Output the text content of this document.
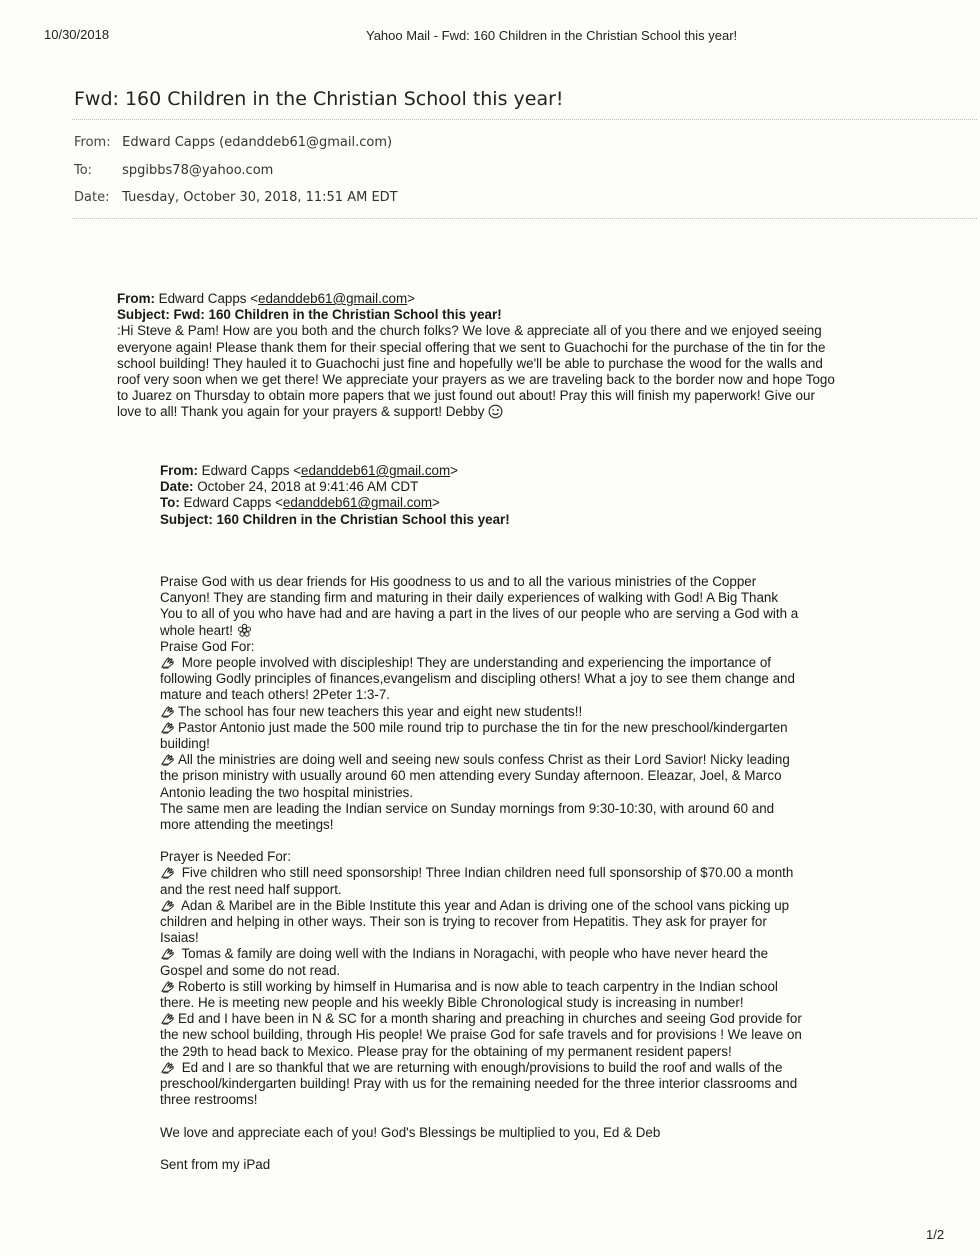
10/30/2018	Yahoo Mail - Fwd: 160 Children in the Christian School this year!
Fwd: 160 Children in the Christian School this year!
From: Edward Capps (edanddeb61@gmail.com)
To: spgibbs78@yahoo.com
Date: Tuesday, October 30, 2018, 11:51 AM EDT
From: Edward Capps <edanddeb61@gmail.com>
Subject: Fwd: 160 Children in the Christian School this year!
:Hi Steve & Pam! How are you both and the church folks? We love & appreciate all of you there and we enjoyed seeing
everyone again! Please thank them for their special offering that we sent to Guachochi for the purchase of the tin for the
school building! They hauled it to Guachochi just fine and hopefully we'll be able to purchase the wood for the walls and
roof very soon when we get there! We appreciate your prayers as we are traveling back to the border now and hope Togo
to Juarez on Thursday to obtain more papers that we just found out about! Pray this will finish my paperwork! Give our
love to all! Thank you again for your prayers & support! Debby
From: Edward Capps <edanddeb61@gmail.com>
Date: October 24, 2018 at 9:41:46 AM CDT
To: Edward Capps <edanddeb61@gmail.com>
Subject: 160 Children in the Christian School this year!
Praise God with us dear friends for His goodness to us and to all the various ministries of the Copper
Canyon! They are standing firm and maturing in their daily experiences of walking with God! A Big Thank
You to all of you who have had and are having a part in the lives of our people who are serving a God with a
whole heart!
Praise God For:
More people involved with discipleship! They are understanding and experiencing the importance of
following Godly principles of finances,evangelism and discipling others! What a joy to see them change and
mature and teach others! 2Peter 1:3-7.
The school has four new teachers this year and eight new students!!
Pastor Antonio just made the 500 mile round trip to purchase the tin for the new preschool/kindergarten
building!
All the ministries are doing well and seeing new souls confess Christ as their Lord Savior! Nicky leading
the prison ministry with usually around 60 men attending every Sunday afternoon. Eleazar, Joel, & Marco
Antonio leading the two hospital ministries.
The same men are leading the Indian service on Sunday mornings from 9:30-10:30, with around 60 and
more attending the meetings!
Prayer is Needed For:
Five children who still need sponsorship! Three Indian children need full sponsorship of $70.00 a month
and the rest need half support.
Adan & Maribel are in the Bible Institute this year and Adan is driving one of the school vans picking up
children and helping in other ways. Their son is trying to recover from Hepatitis. They ask for prayer for
Isaias!
Tomas & family are doing well with the Indians in Noragachi, with people who have never heard the
Gospel and some do not read.
Roberto is still working by himself in Humarisa and is now able to teach carpentry in the Indian school
there. He is meeting new people and his weekly Bible Chronological study is increasing in number!
Ed and I have been in N & SC for a month sharing and preaching in churches and seeing God provide for
the new school building, through His people! We praise God for safe travels and for provisions ! We leave on
the 29th to head back to Mexico. Please pray for the obtaining of my permanent resident papers!
Ed and I are so thankful that we are returning with enough/provisions to build the roof and walls of the
preschool/kindergarten building! Pray with us for the remaining needed for the three interior classrooms and
three restrooms!
We love and appreciate each of you! God's Blessings be multiplied to you, Ed & Deb
Sent from my iPad
1/2
